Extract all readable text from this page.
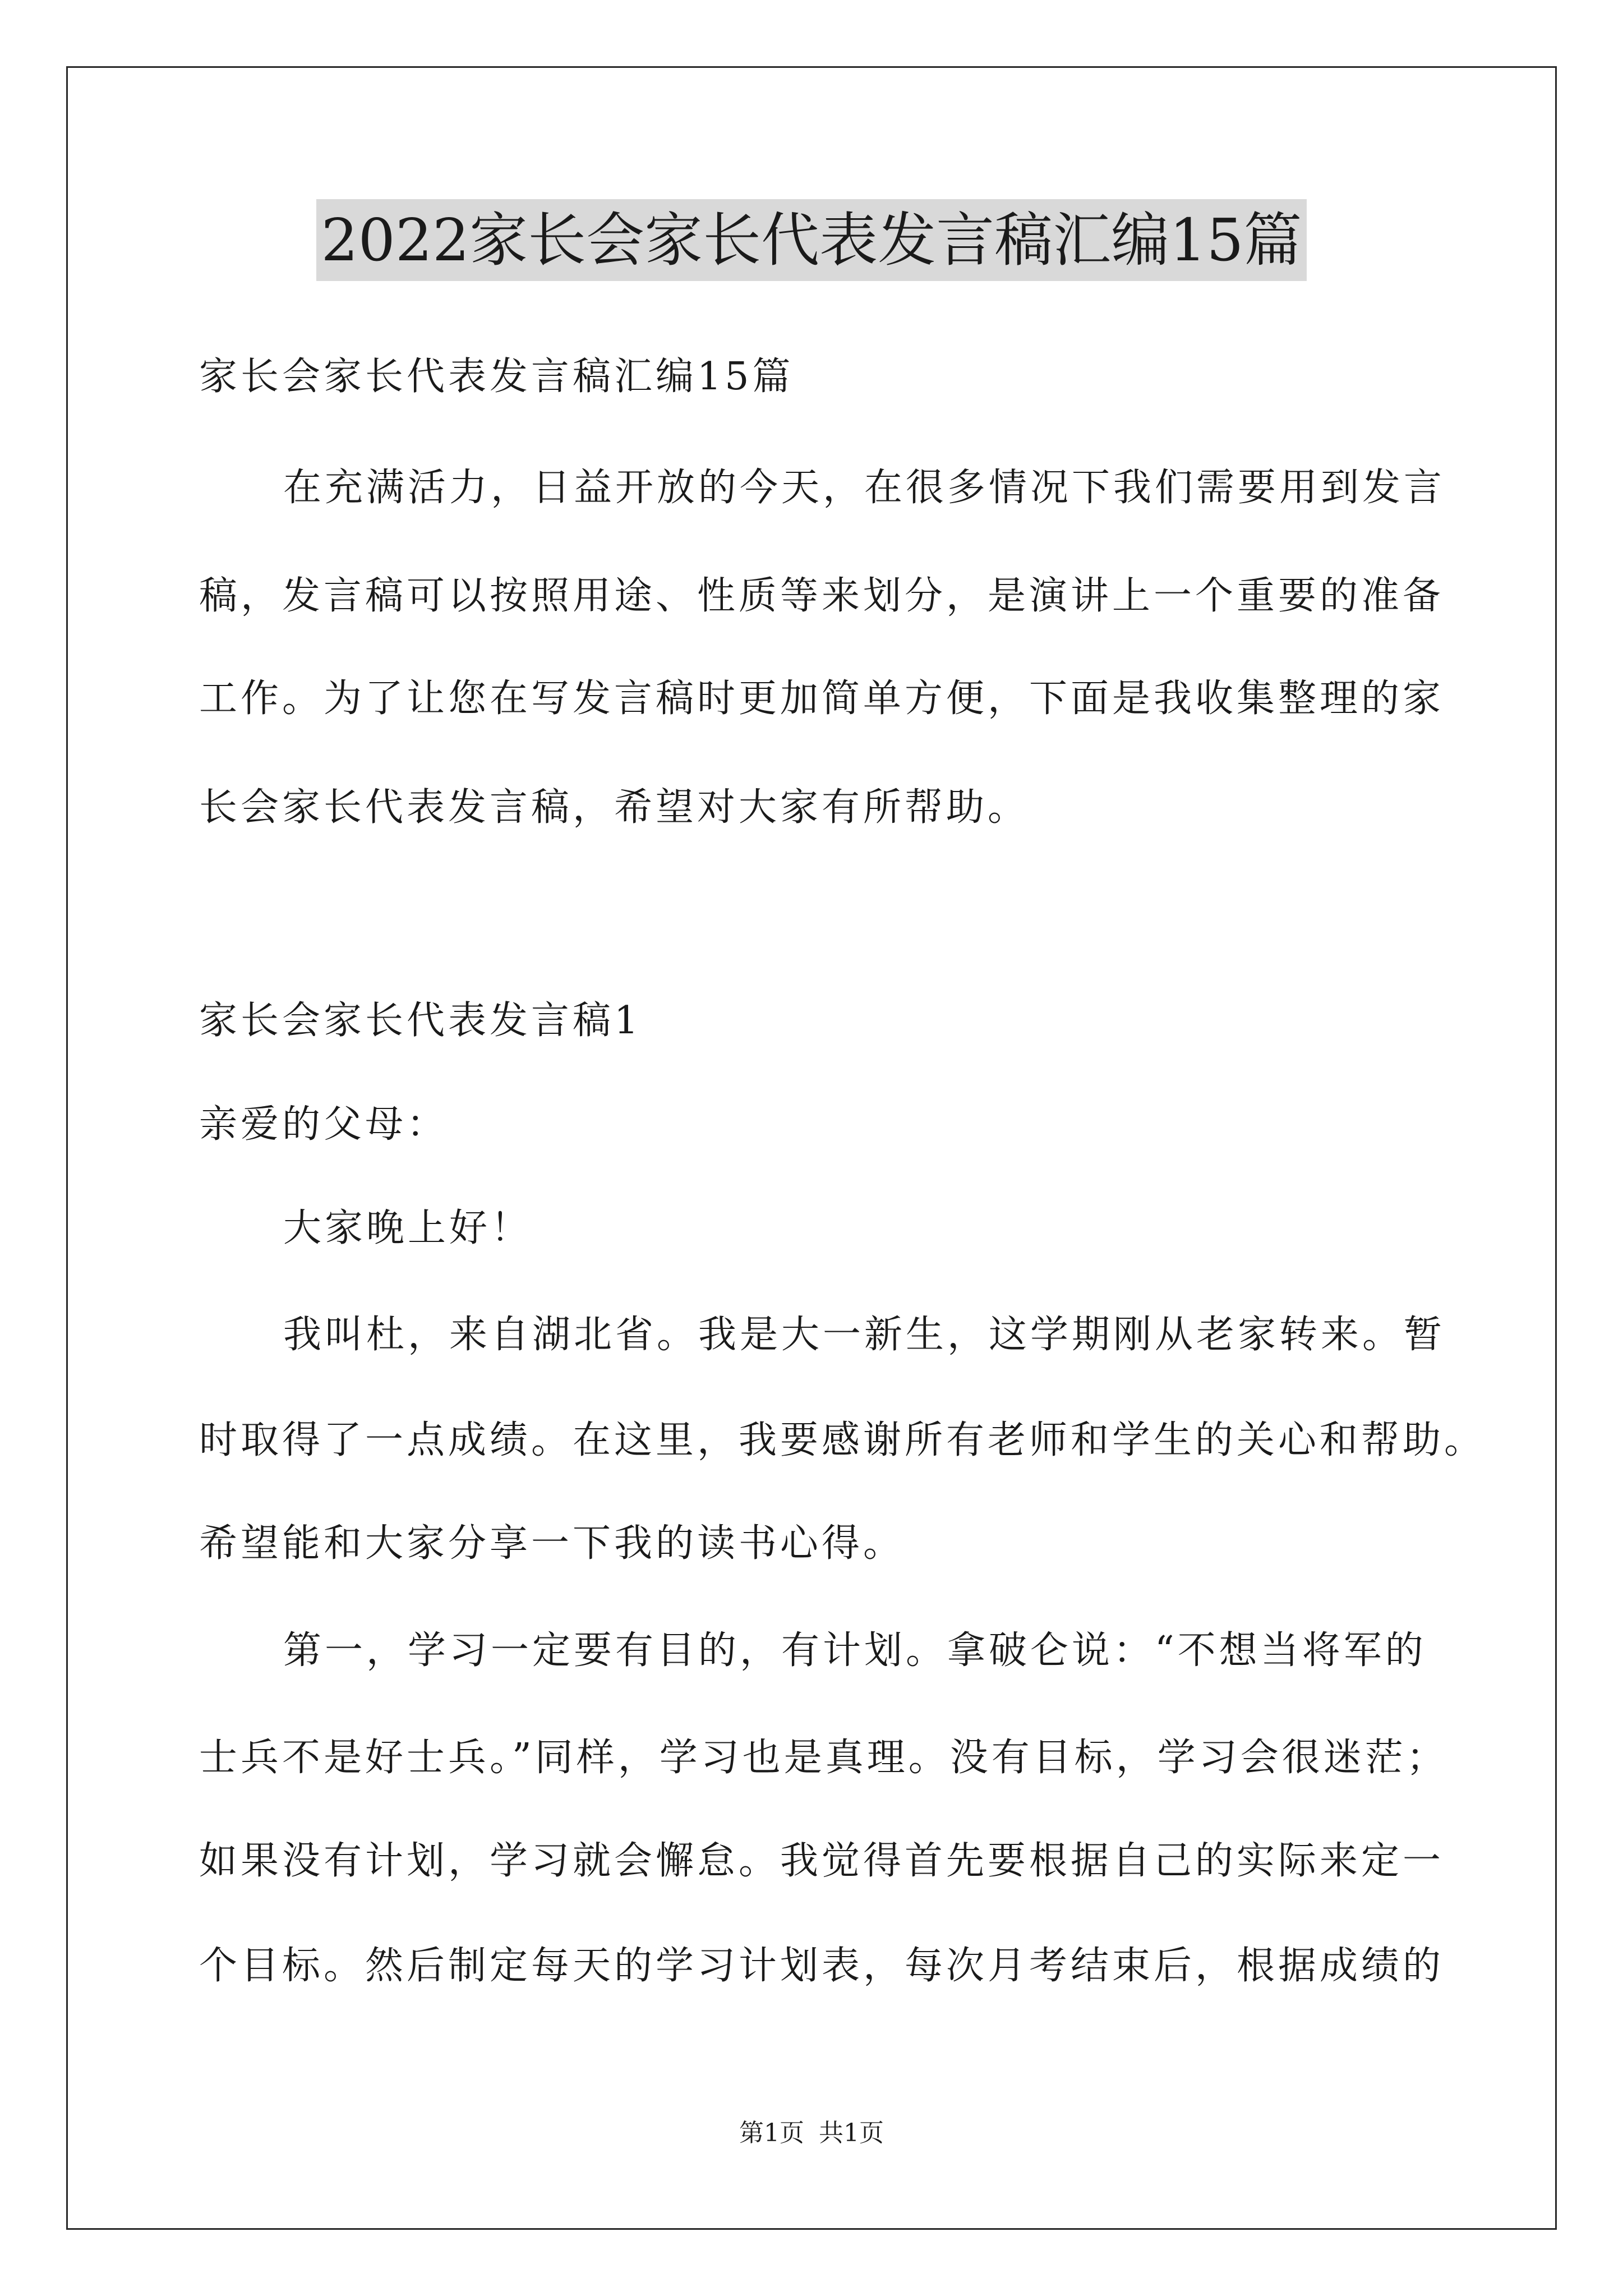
2022家长会家长代表发言稿汇编15篇
家长会家长代表发言稿汇编15篇
在充满活力，日益开放的今天，在很多情况下我们需要用到发言
稿，发言稿可以按照用途、性质等来划分，是演讲上一个重要的准备
工作。为了让您在写发言稿时更加简单方便，下面是我收集整理的家
长会家长代表发言稿，希望对大家有所帮助。
家长会家长代表发言稿1
亲爱的父母：
大家晚上好！
我叫杜，来自湖北省。我是大一新生，这学期刚从老家转来。暂
时取得了一点成绩。在这里，我要感谢所有老师和学生的关心和帮助。
希望能和大家分享一下我的读书心得。
第一，学习一定要有目的，有计划。拿破仑说：“不想当将军的
士兵不是好士兵。”同样，学习也是真理。没有目标，学习会很迷茫；
如果没有计划，学习就会懈怠。我觉得首先要根据自己的实际来定一
个目标。然后制定每天的学习计划表，每次月考结束后，根据成绩的
第1页 共1页
